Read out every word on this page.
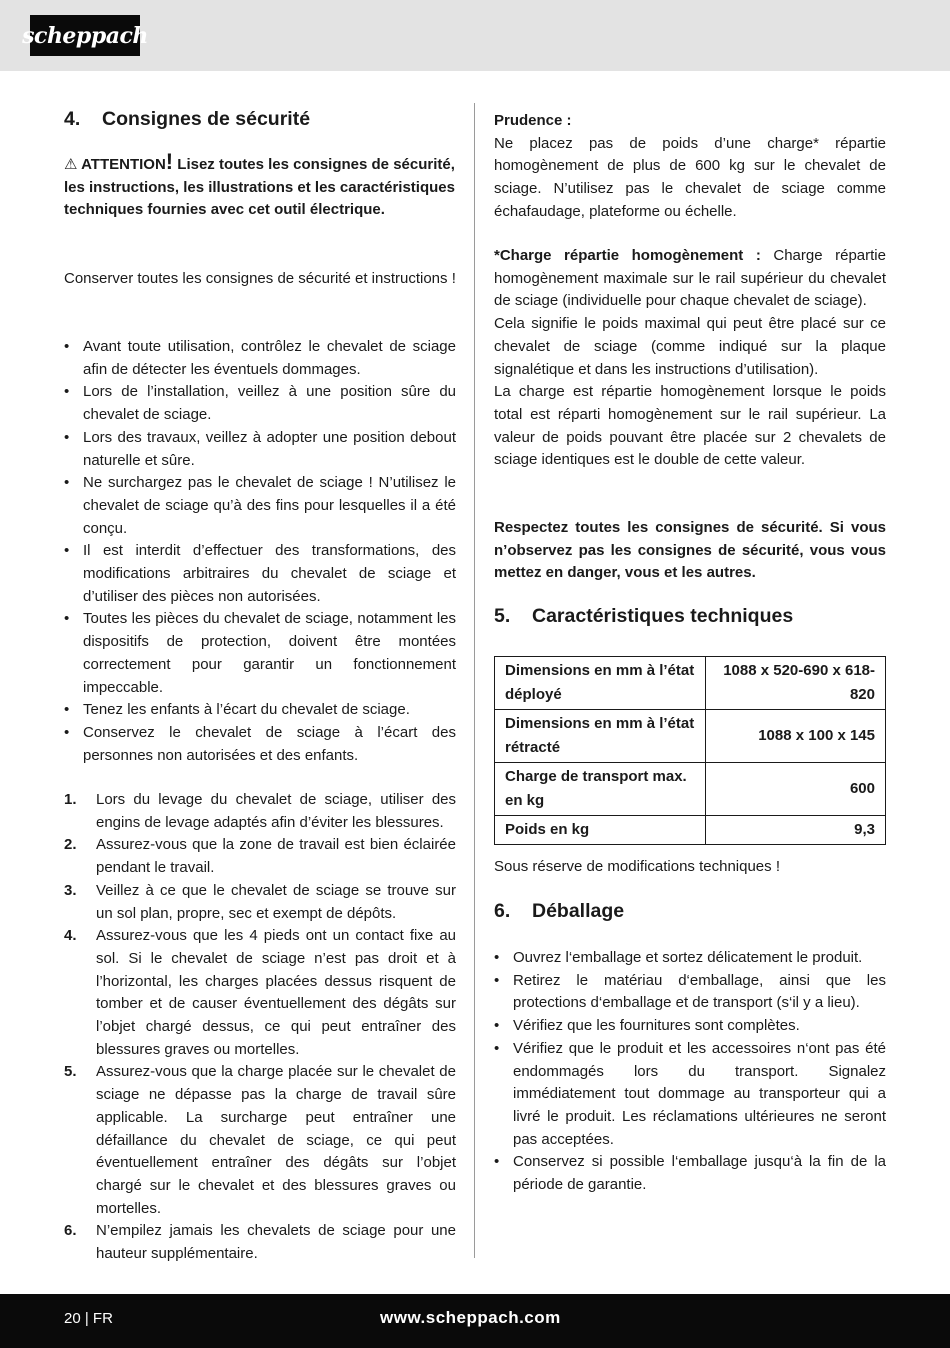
scheppach
4. Consignes de sécurité
⚠ ATTENTION! Lisez toutes les consignes de sécurité, les instructions, les illustrations et les caractéristiques techniques fournies avec cet outil électrique.

Conserver toutes les consignes de sécurité et instructions !

• Avant toute utilisation, contrôlez le chevalet de sciage afin de détecter les éventuels dommages.
• Lors de l’installation, veillez à une position sûre du chevalet de sciage.
• Lors des travaux, veillez à adopter une position debout naturelle et sûre.
• Ne surchargez pas le chevalet de sciage ! N’utilisez le chevalet de sciage qu’à des fins pour lesquelles il a été conçu.
• Il est interdit d’effectuer des transformations, des modifications arbitraires du chevalet de sciage et d’utiliser des pièces non autorisées.
• Toutes les pièces du chevalet de sciage, notamment les dispositifs de protection, doivent être montées correctement pour garantir un fonctionnement impeccable.
• Tenez les enfants à l’écart du chevalet de sciage.
• Conservez le chevalet de sciage à l’écart des personnes non autorisées et des enfants.
1. Lors du levage du chevalet de sciage, utiliser des engins de levage adaptés afin d’éviter les blessures.
2. Assurez-vous que la zone de travail est bien éclairée pendant le travail.
3. Veillez à ce que le chevalet de sciage se trouve sur un sol plan, propre, sec et exempt de dépôts.
4. Assurez-vous que les 4 pieds ont un contact fixe au sol. Si le chevalet de sciage n’est pas droit et à l’horizontal, les charges placées dessus risquent de tomber et de causer éventuellement des dégâts sur l’objet chargé dessus, ce qui peut entraîner des blessures graves ou mortelles.
5. Assurez-vous que la charge placée sur le chevalet de sciage ne dépasse pas la charge de travail sûre applicable. La surcharge peut entraîner une défaillance du chevalet de sciage, ce qui peut éventuellement entraîner des dégâts sur l’objet chargé sur le chevalet et des blessures graves ou mortelles.
6. N’empilez jamais les chevalets de sciage pour une hauteur supplémentaire.

Prudence :

Ne placez pas de poids d’une charge* répartie homogènement de plus de 600 kg sur le chevalet de sciage. N’utilisez pas le chevalet de sciage comme échafaudage, plateforme ou échelle.

*Charge répartie homogènement : Charge répartie homogènement maximale sur le rail supérieur du chevalet de sciage (individuelle pour chaque chevalet de sciage).

Cela signifie le poids maximal qui peut être placé sur ce chevalet de sciage (comme indiqué sur la plaque signalétique et dans les instructions d’utilisation).

La charge est répartie homogènement lorsque le poids total est réparti homogènement sur le rail supérieur. La valeur de poids pouvant être placée sur 2 chevalets de sciage identiques est le double de cette valeur.

Respectez toutes les consignes de sécurité. Si vous n’observez pas les consignes de sécurité, vous vous mettez en danger, vous et les autres.

5. Caractéristiques techniques
Dimensions en mm à l’état déployé	1088 x 520-690 x 618-820
Dimensions en mm à l’état rétracté	1088 x 100 x 145
Charge de transport max. en kg	600
Poids en kg	9,3

Sous réserve de modifications techniques !

6. Déballage
• Ouvrez l‘emballage et sortez délicatement le produit.
• Retirez le matériau d‘emballage, ainsi que les protections d‘emballage et de transport (s‘il y a lieu).
• Vérifiez que les fournitures sont complètes.
• Vérifiez que le produit et les accessoires n‘ont pas été endommagés lors du transport. Signalez immédiatement tout dommage au transporteur qui a livré le produit. Les réclamations ultérieures ne seront pas acceptées.
• Conservez si possible l‘emballage jusqu‘à la fin de la période de garantie.
20 | FR	www.scheppach.com
